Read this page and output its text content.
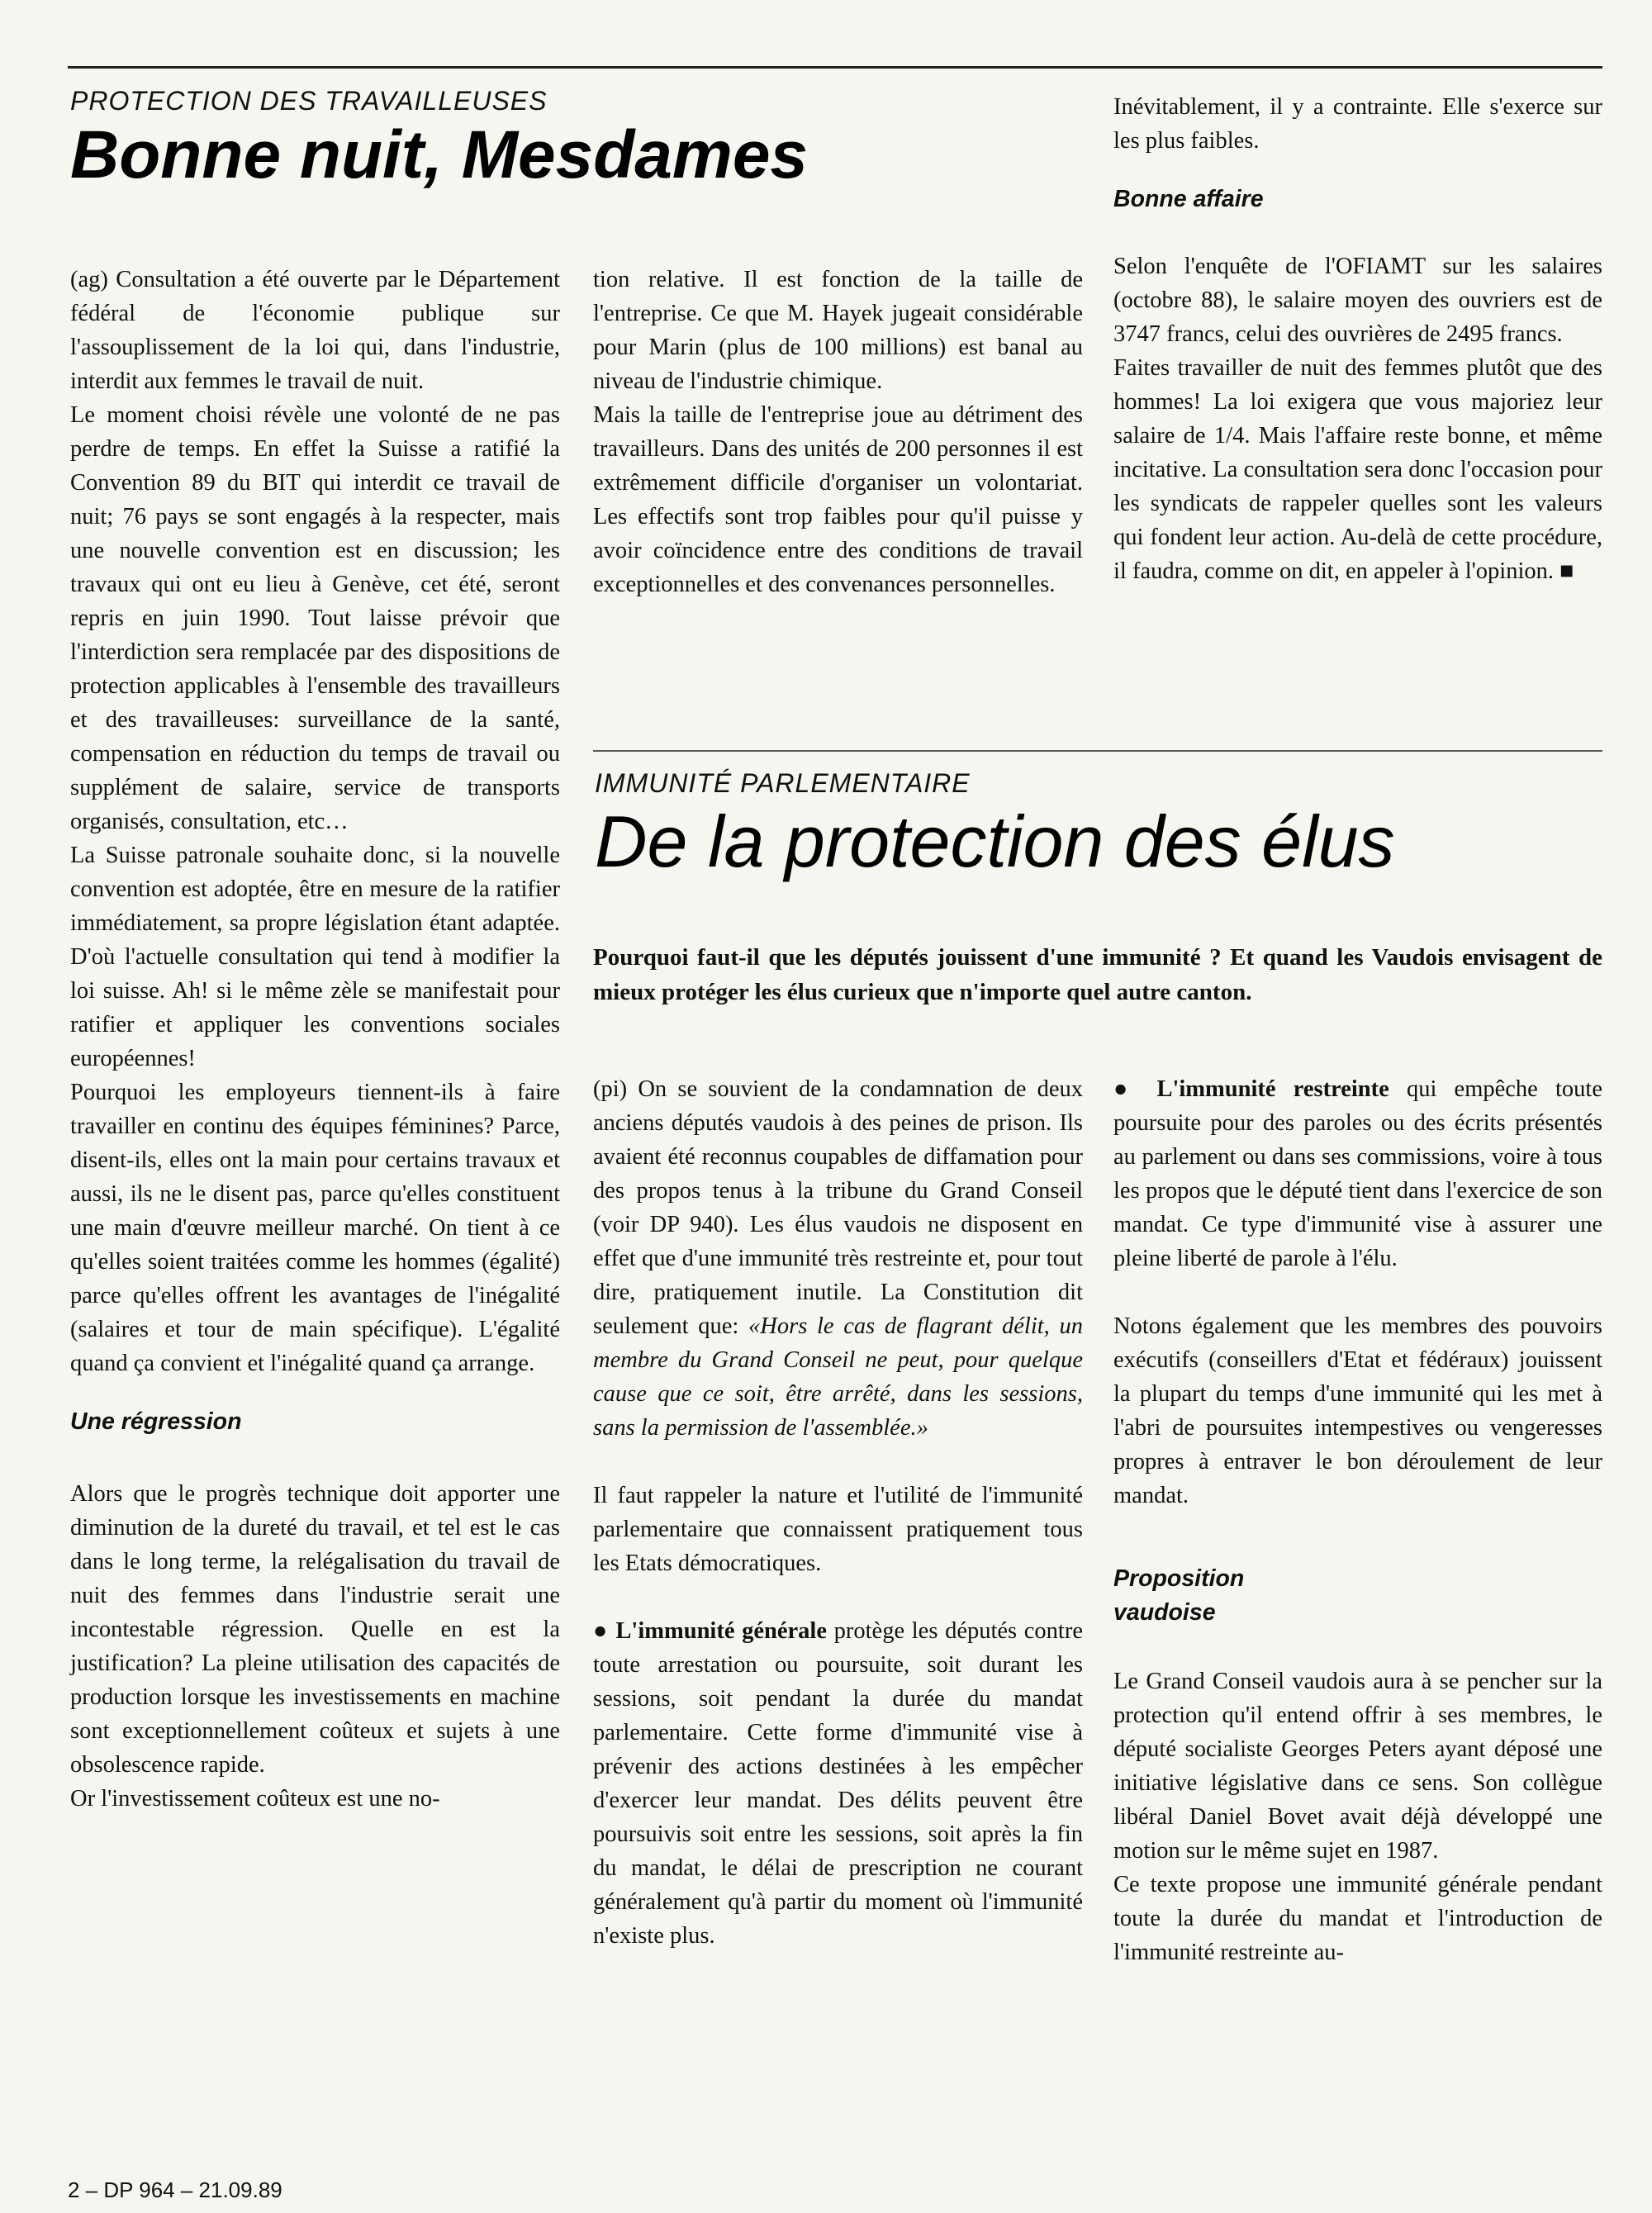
PROTECTION DES TRAVAILLEUSES
Bonne nuit, Mesdames

(ag) Consultation a été ouverte par le Département fédéral de l'économie publique sur l'assouplissement de la loi qui, dans l'industrie, interdit aux femmes le travail de nuit.

Le moment choisi révèle une volonté de ne pas perdre de temps. En effet la Suisse a ratifié la Convention 89 du BIT qui interdit ce travail de nuit; 76 pays se sont engagés à la respecter, mais une nouvelle convention est en discussion; les travaux qui ont eu lieu à Genève, cet été, seront repris en juin 1990. Tout laisse prévoir que l'interdiction sera remplacée par des dispositions de protection applicables à l'ensemble des travailleurs et des travailleuses: surveillance de la santé, compensation en réduction du temps de travail ou supplément de salaire, service de transports organisés, consultation, etc…

La Suisse patronale souhaite donc, si la nouvelle convention est adoptée, être en mesure de la ratifier immédiatement, sa propre législation étant adaptée. D'où l'actuelle consultation qui tend à modifier la loi suisse. Ah! si le même zèle se manifestait pour ratifier et appliquer les conventions sociales européennes!

Pourquoi les employeurs tiennent-ils à faire travailler en continu des équipes féminines? Parce, disent-ils, elles ont la main pour certains travaux et aussi, ils ne le disent pas, parce qu'elles constituent une main d'œuvre meilleur marché. On tient à ce qu'elles soient traitées comme les hommes (égalité) parce qu'elles offrent les avantages de l'inégalité (salaires et tour de main spécifique). L'égalité quand ça convient et l'inégalité quand ça arrange.

Une régression

Alors que le progrès technique doit apporter une diminution de la dureté du travail, et tel est le cas dans le long terme, la relégalisation du travail de nuit des femmes dans l'industrie serait une incontestable régression. Quelle en est la justification? La pleine utilisation des capacités de production lorsque les investissements en machine sont exceptionnellement coûteux et sujets à une obsolescence rapide.

Or l'investissement coûteux est une no-

tion relative. Il est fonction de la taille de l'entreprise. Ce que M. Hayek jugeait considérable pour Marin (plus de 100 millions) est banal au niveau de l'industrie chimique.

Mais la taille de l'entreprise joue au détriment des travailleurs. Dans des unités de 200 personnes il est extrêmement difficile d'organiser un volontariat. Les effectifs sont trop faibles pour qu'il puisse y avoir coïncidence entre des conditions de travail exceptionnelles et des convenances personnelles.

Inévitablement, il y a contrainte. Elle s'exerce sur les plus faibles.

Bonne affaire

Selon l'enquête de l'OFIAMT sur les salaires (octobre 88), le salaire moyen des ouvriers est de 3747 francs, celui des ouvrières de 2495 francs.

Faites travailler de nuit des femmes plutôt que des hommes! La loi exigera que vous majoriez leur salaire de 1/4. Mais l'affaire reste bonne, et même incitative. La consultation sera donc l'occasion pour les syndicats de rappeler quelles sont les valeurs qui fondent leur action. Au-delà de cette procédure, il faudra, comme on dit, en appeler à l'opinion. ■

IMMUNITÉ PARLEMENTAIRE
De la protection des élus

Pourquoi faut-il que les députés jouissent d'une immunité ? Et quand les Vaudois envisagent de mieux protéger les élus curieux que n'importe quel autre canton.

(pi) On se souvient de la condamnation de deux anciens députés vaudois à des peines de prison. Ils avaient été reconnus coupables de diffamation pour des propos tenus à la tribune du Grand Conseil (voir DP 940). Les élus vaudois ne disposent en effet que d'une immunité très restreinte et, pour tout dire, pratiquement inutile. La Constitution dit seulement que: «Hors le cas de flagrant délit, un membre du Grand Conseil ne peut, pour quelque cause que ce soit, être arrêté, dans les sessions, sans la permission de l'assemblée.»

Il faut rappeler la nature et l'utilité de l'immunité parlementaire que connaissent pratiquement tous les Etats démocratiques.

● L'immunité générale protège les députés contre toute arrestation ou poursuite, soit durant les sessions, soit pendant la durée du mandat parlementaire. Cette forme d'immunité vise à prévenir des actions destinées à les empêcher d'exercer leur mandat. Des délits peuvent être poursuivis soit entre les sessions, soit après la fin du mandat, le délai de prescription ne courant généralement qu'à partir du moment où l'immunité n'existe plus.

● L'immunité restreinte qui empêche toute poursuite pour des paroles ou des écrits présentés au parlement ou dans ses commissions, voire à tous les propos que le député tient dans l'exercice de son mandat. Ce type d'immunité vise à assurer une pleine liberté de parole à l'élu.

Notons également que les membres des pouvoirs exécutifs (conseillers d'Etat et fédéraux) jouissent la plupart du temps d'une immunité qui les met à l'abri de poursuites intempestives ou vengeresses propres à entraver le bon déroulement de leur mandat.

Proposition
vaudoise

Le Grand Conseil vaudois aura à se pencher sur la protection qu'il entend offrir à ses membres, le député socialiste Georges Peters ayant déposé une initiative législative dans ce sens. Son collègue libéral Daniel Bovet avait déjà développé une motion sur le même sujet en 1987.

Ce texte propose une immunité générale pendant toute la durée du mandat et l'introduction de l'immunité restreinte au-

2 – DP 964 – 21.09.89
